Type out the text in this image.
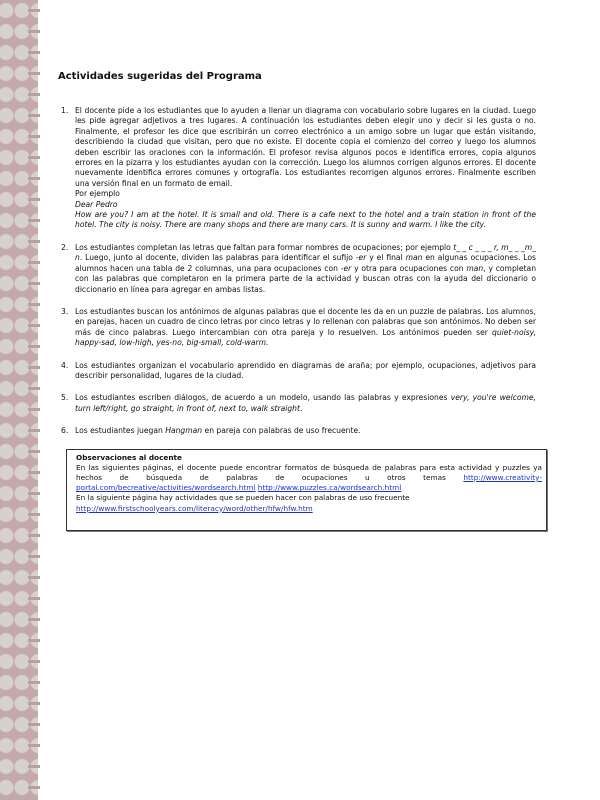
Actividades sugeridas del Programa
1. El docente pide a los estudiantes que lo ayuden a llenar un diagrama con vocabulario sobre lugares en la ciudad. Luego les pide agregar adjetivos a tres lugares. A continuación los estudiantes deben elegir uno y decir si les gusta o no. Finalmente, el profesor les dice que escribirán un correo electrónico a un amigo sobre un lugar que están visitando, describiendo la ciudad que visitan, pero que no existe. El docente copia el comienzo del correo y luego los alumnos deben escribir las oraciones con la información. El profesor revisa algunos pocos e identifica errores, copia algunos errores en la pizarra y los estudiantes ayudan con la corrección. Luego los alumnos corrigen algunos errores. El docente nuevamente identifica errores comunes y ortografía. Los estudiantes recorrigen algunos errores. Finalmente escriben una versión final en un formato de email.
Por ejemplo
Dear Pedro
How are you? I am at the hotel. It is small and old. There is a cafe next to the hotel and a train station in front of the hotel. The city is noisy. There are many shops and there are many cars. It is sunny and warm. I like the city.
2. Los estudiantes completan las letras que faltan para formar nombres de ocupaciones; por ejemplo t_ _ c _ _ _ r, m_ _ _m_ n. Luego, junto al docente, dividen las palabras para identificar el sufijo -er y el final man en algunas ocupaciones. Los alumnos hacen una tabla de 2 columnas, una para ocupaciones con -er y otra para ocupaciones con man, y completan con las palabras que completaron en la primera parte de la actividad y buscan otras con la ayuda del diccionario o diccionario en línea para agregar en ambas listas.
3. Los estudiantes buscan los antónimos de algunas palabras que el docente les da en un puzzle de palabras. Los alumnos, en parejas, hacen un cuadro de cinco letras por cinco letras y lo rellenan con palabras que son antónimos. No deben ser más de cinco palabras. Luego intercambian con otra pareja y lo resuelven. Los antónimos pueden ser quiet-noisy, happy-sad, low-high, yes-no, big-small, cold-warm.
4. Los estudiantes organizan el vocabulario aprendido en diagramas de araña; por ejemplo, ocupaciones, adjetivos para describir personalidad, lugares de la ciudad.
5. Los estudiantes escriben diálogos, de acuerdo a un modelo, usando las palabras y expresiones very, you're welcome, turn left/right, go straight, in front of, next to, walk straight.
6. Los estudiantes juegan Hangman en pareja con palabras de uso frecuente.
Observaciones al docente
En las siguientes páginas, el docente puede encontrar formatos de búsqueda de palabras para esta actividad y puzzles ya hechos de búsqueda de palabras de ocupaciones u otros temas http://www.creativity-portal.com/becreative/activities/wordsearch.html http://www.puzzles.ca/wordsearch.html
En la siguiente página hay actividades que se pueden hacer con palabras de uso frecuente
http://www.firstschoolyears.com/literacy/word/other/hfw/hfw.htm
